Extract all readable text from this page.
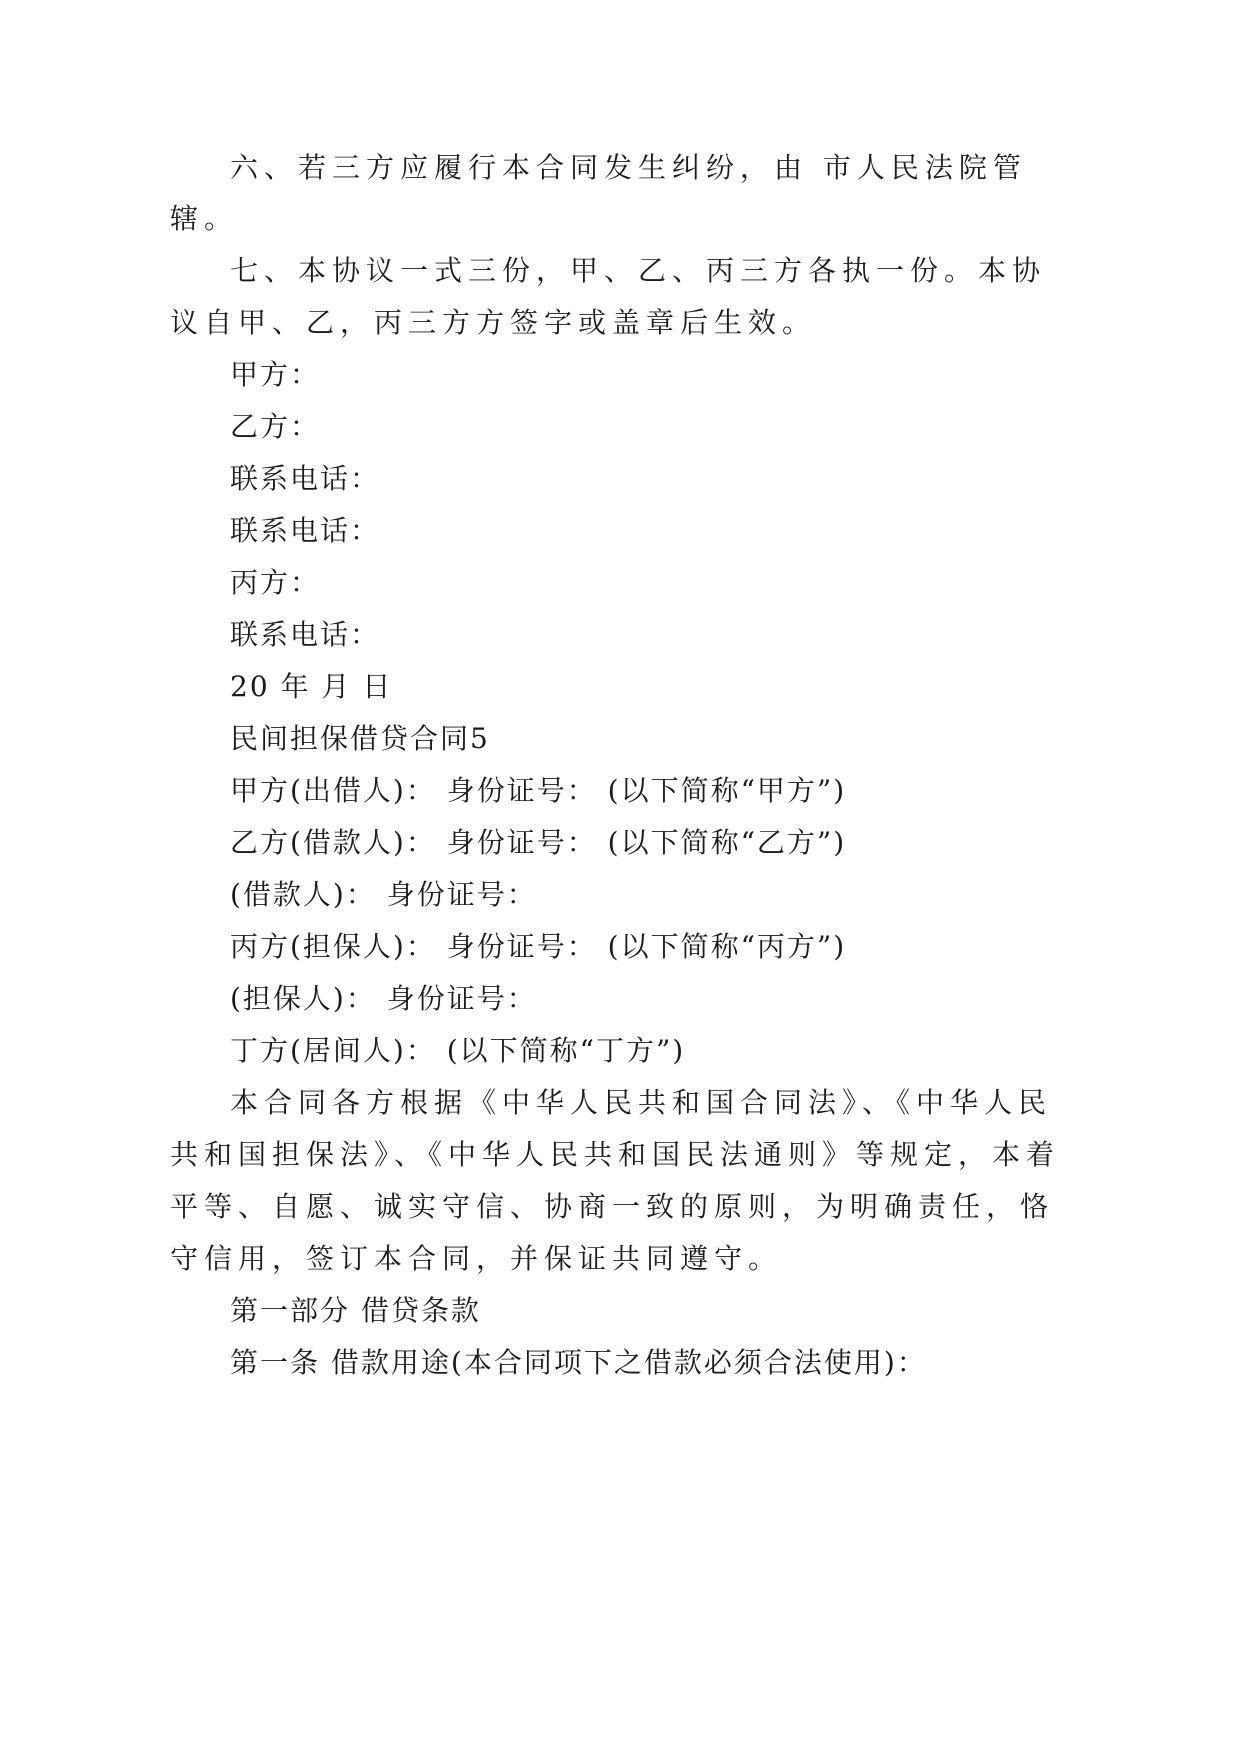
六、若三方应履行本合同发生纠纷，由 市人民法院管

辖。

七、本协议一式三份，甲、乙、丙三方各执一份。本协

议自甲、乙，丙三方方签字或盖章后生效。

甲方：

乙方：

联系电话：

联系电话：

丙方：

联系电话：

20 年 月 日

民间担保借贷合同5

甲方(出借人)： 身份证号： (以下简称“甲方”)

乙方(借款人)： 身份证号： (以下简称“乙方”)

(借款人)： 身份证号：

丙方(担保人)： 身份证号： (以下简称“丙方”)

(担保人)： 身份证号：

丁方(居间人)： (以下简称“丁方”)

本合同各方根据《中华人民共和国合同法》、《中华人民

共和国担保法》、《中华人民共和国民法通则》等规定，本着

平等、自愿、诚实守信、协商一致的原则，为明确责任，恪

守信用，签订本合同，并保证共同遵守。

第一部分 借贷条款

第一条 借款用途(本合同项下之借款必须合法使用)：
